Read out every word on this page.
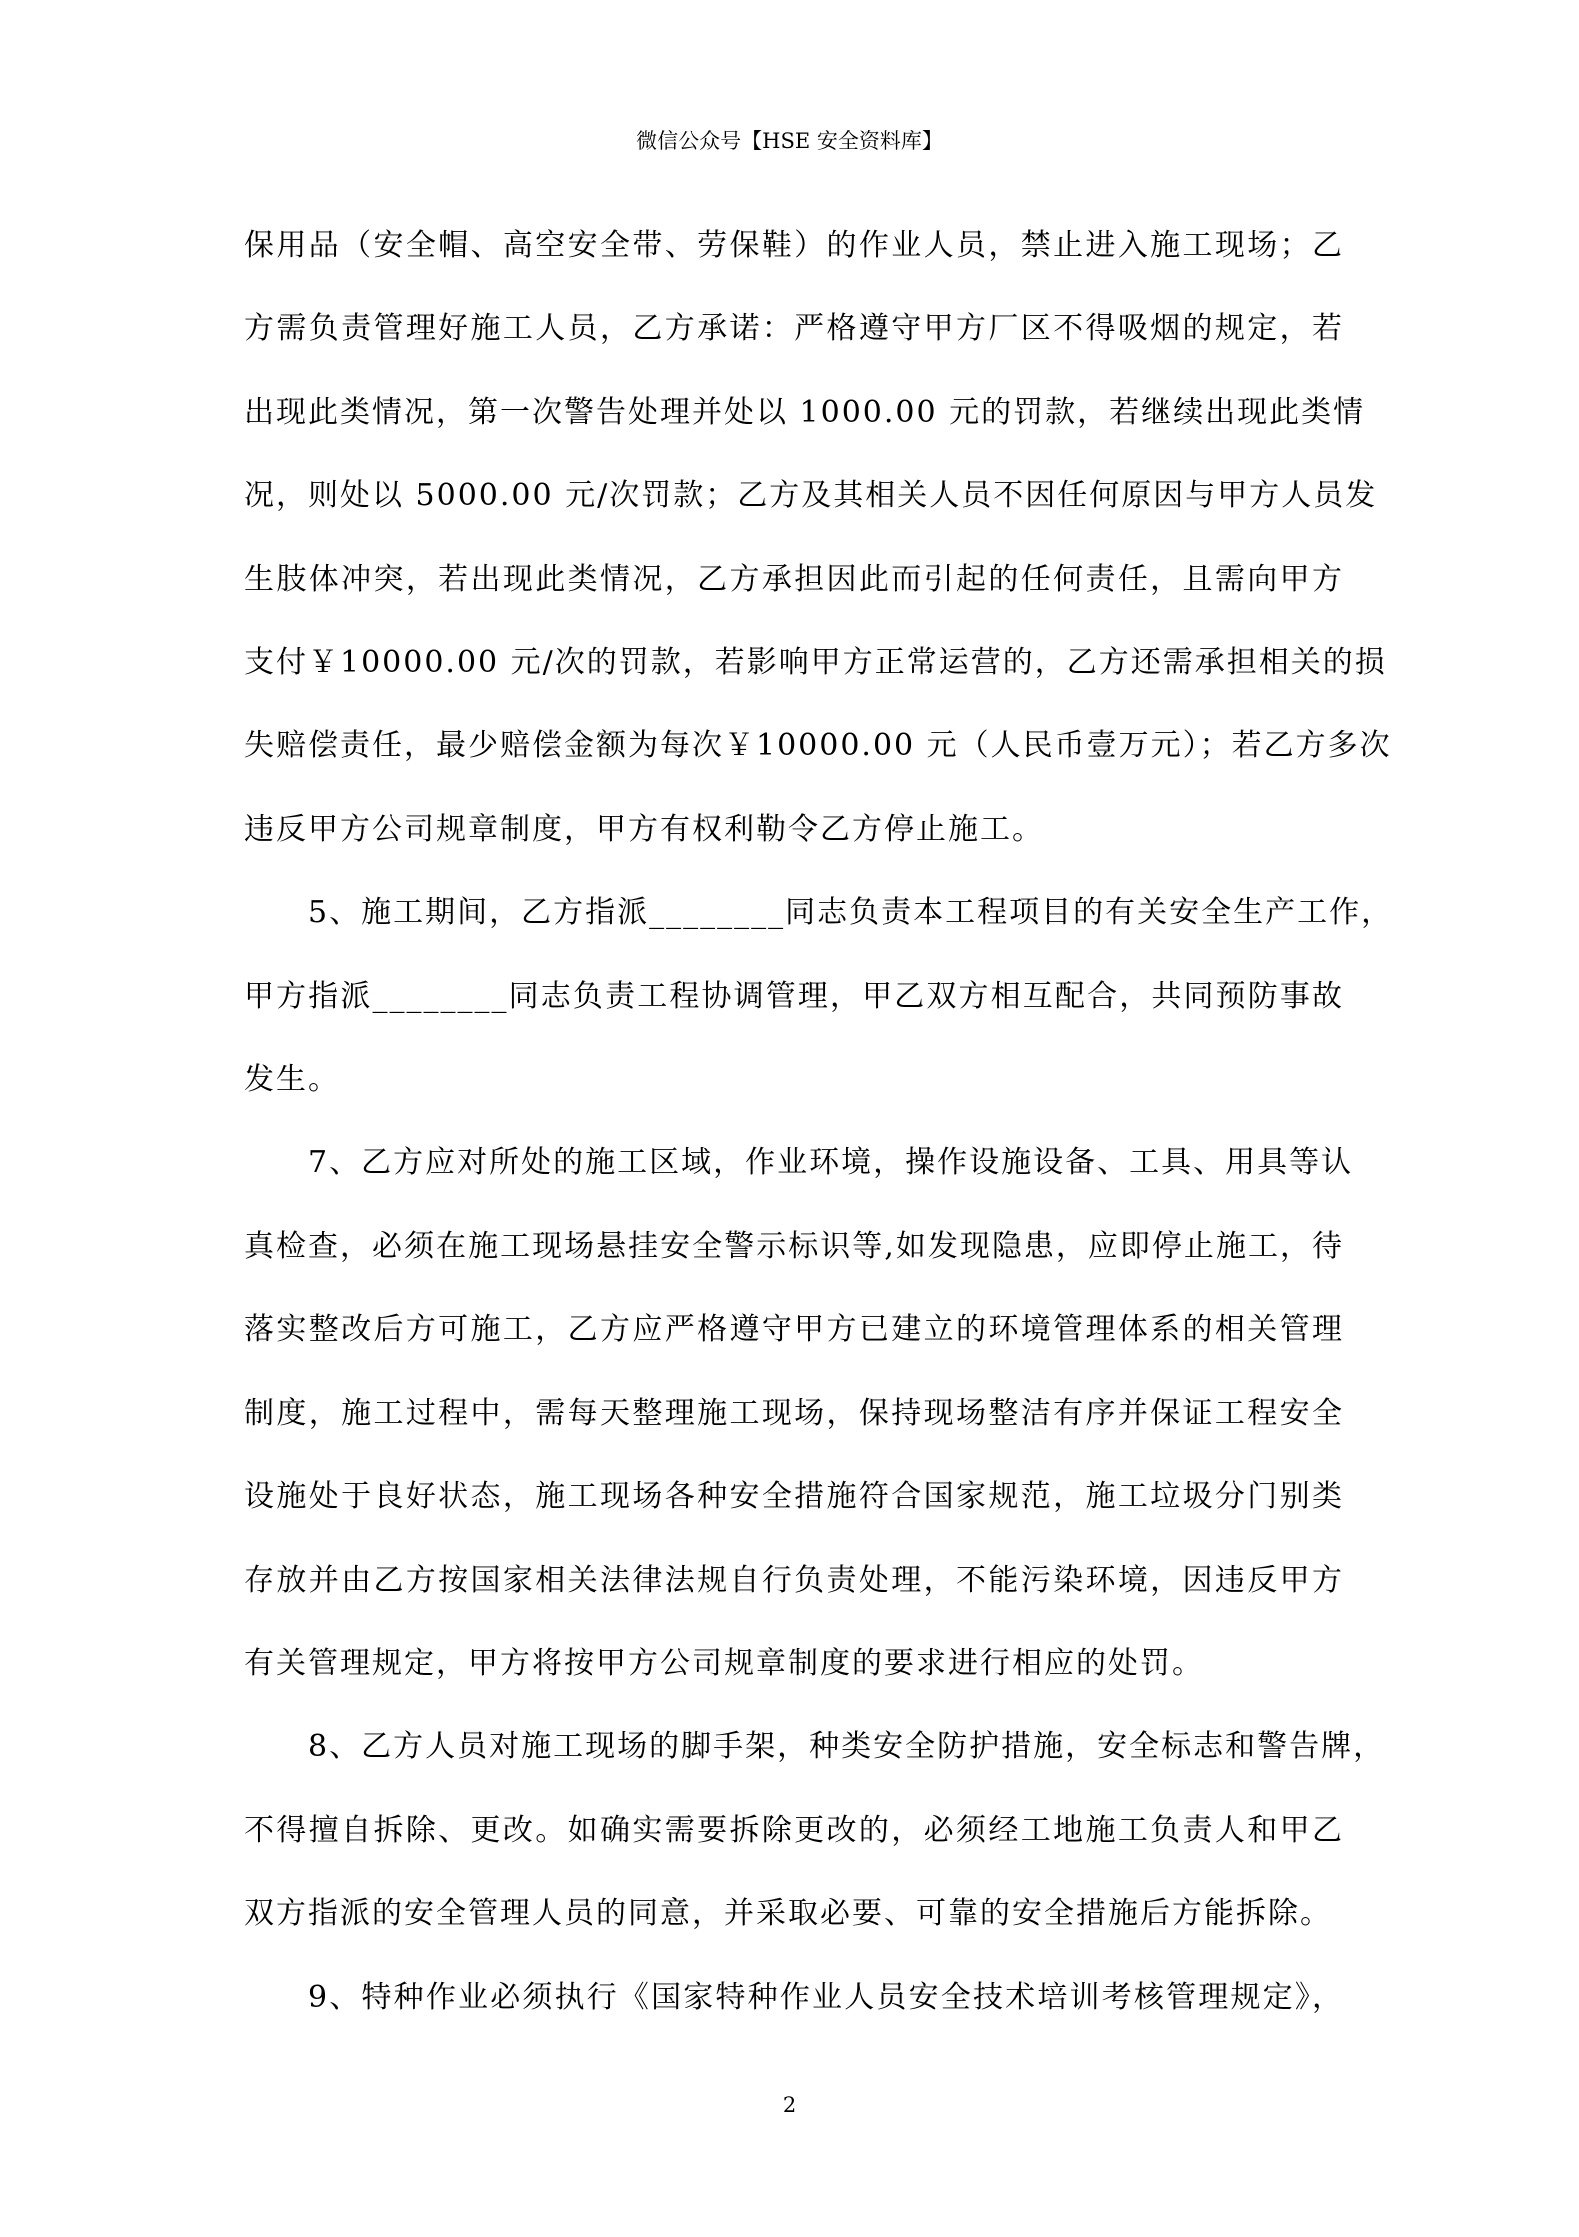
微信公众号【HSE 安全资料库】
保用品（安全帽、高空安全带、劳保鞋）的作业人员，禁止进入施工现场；乙
方需负责管理好施工人员，乙方承诺：严格遵守甲方厂区不得吸烟的规定，若
出现此类情况，第一次警告处理并处以 1000.00 元的罚款，若继续出现此类情
况，则处以 5000.00 元/次罚款；乙方及其相关人员不因任何原因与甲方人员发
生肢体冲突，若出现此类情况，乙方承担因此而引起的任何责任，且需向甲方
支付￥10000.00 元/次的罚款，若影响甲方正常运营的，乙方还需承担相关的损
失赔偿责任，最少赔偿金额为每次￥10000.00 元（人民币壹万元）；若乙方多次
违反甲方公司规章制度，甲方有权利勒令乙方停止施工。
5、施工期间，乙方指派________同志负责本工程项目的有关安全生产工作，
甲方指派________同志负责工程协调管理，甲乙双方相互配合，共同预防事故
发生。
7、乙方应对所处的施工区域，作业环境，操作设施设备、工具、用具等认
真检查，必须在施工现场悬挂安全警示标识等,如发现隐患，应即停止施工，待
落实整改后方可施工，乙方应严格遵守甲方已建立的环境管理体系的相关管理
制度，施工过程中，需每天整理施工现场，保持现场整洁有序并保证工程安全
设施处于良好状态，施工现场各种安全措施符合国家规范，施工垃圾分门别类
存放并由乙方按国家相关法律法规自行负责处理，不能污染环境，因违反甲方
有关管理规定，甲方将按甲方公司规章制度的要求进行相应的处罚。
8、乙方人员对施工现场的脚手架，种类安全防护措施，安全标志和警告牌，
不得擅自拆除、更改。如确实需要拆除更改的，必须经工地施工负责人和甲乙
双方指派的安全管理人员的同意，并采取必要、可靠的安全措施后方能拆除。
9、特种作业必须执行《国家特种作业人员安全技术培训考核管理规定》，
2
